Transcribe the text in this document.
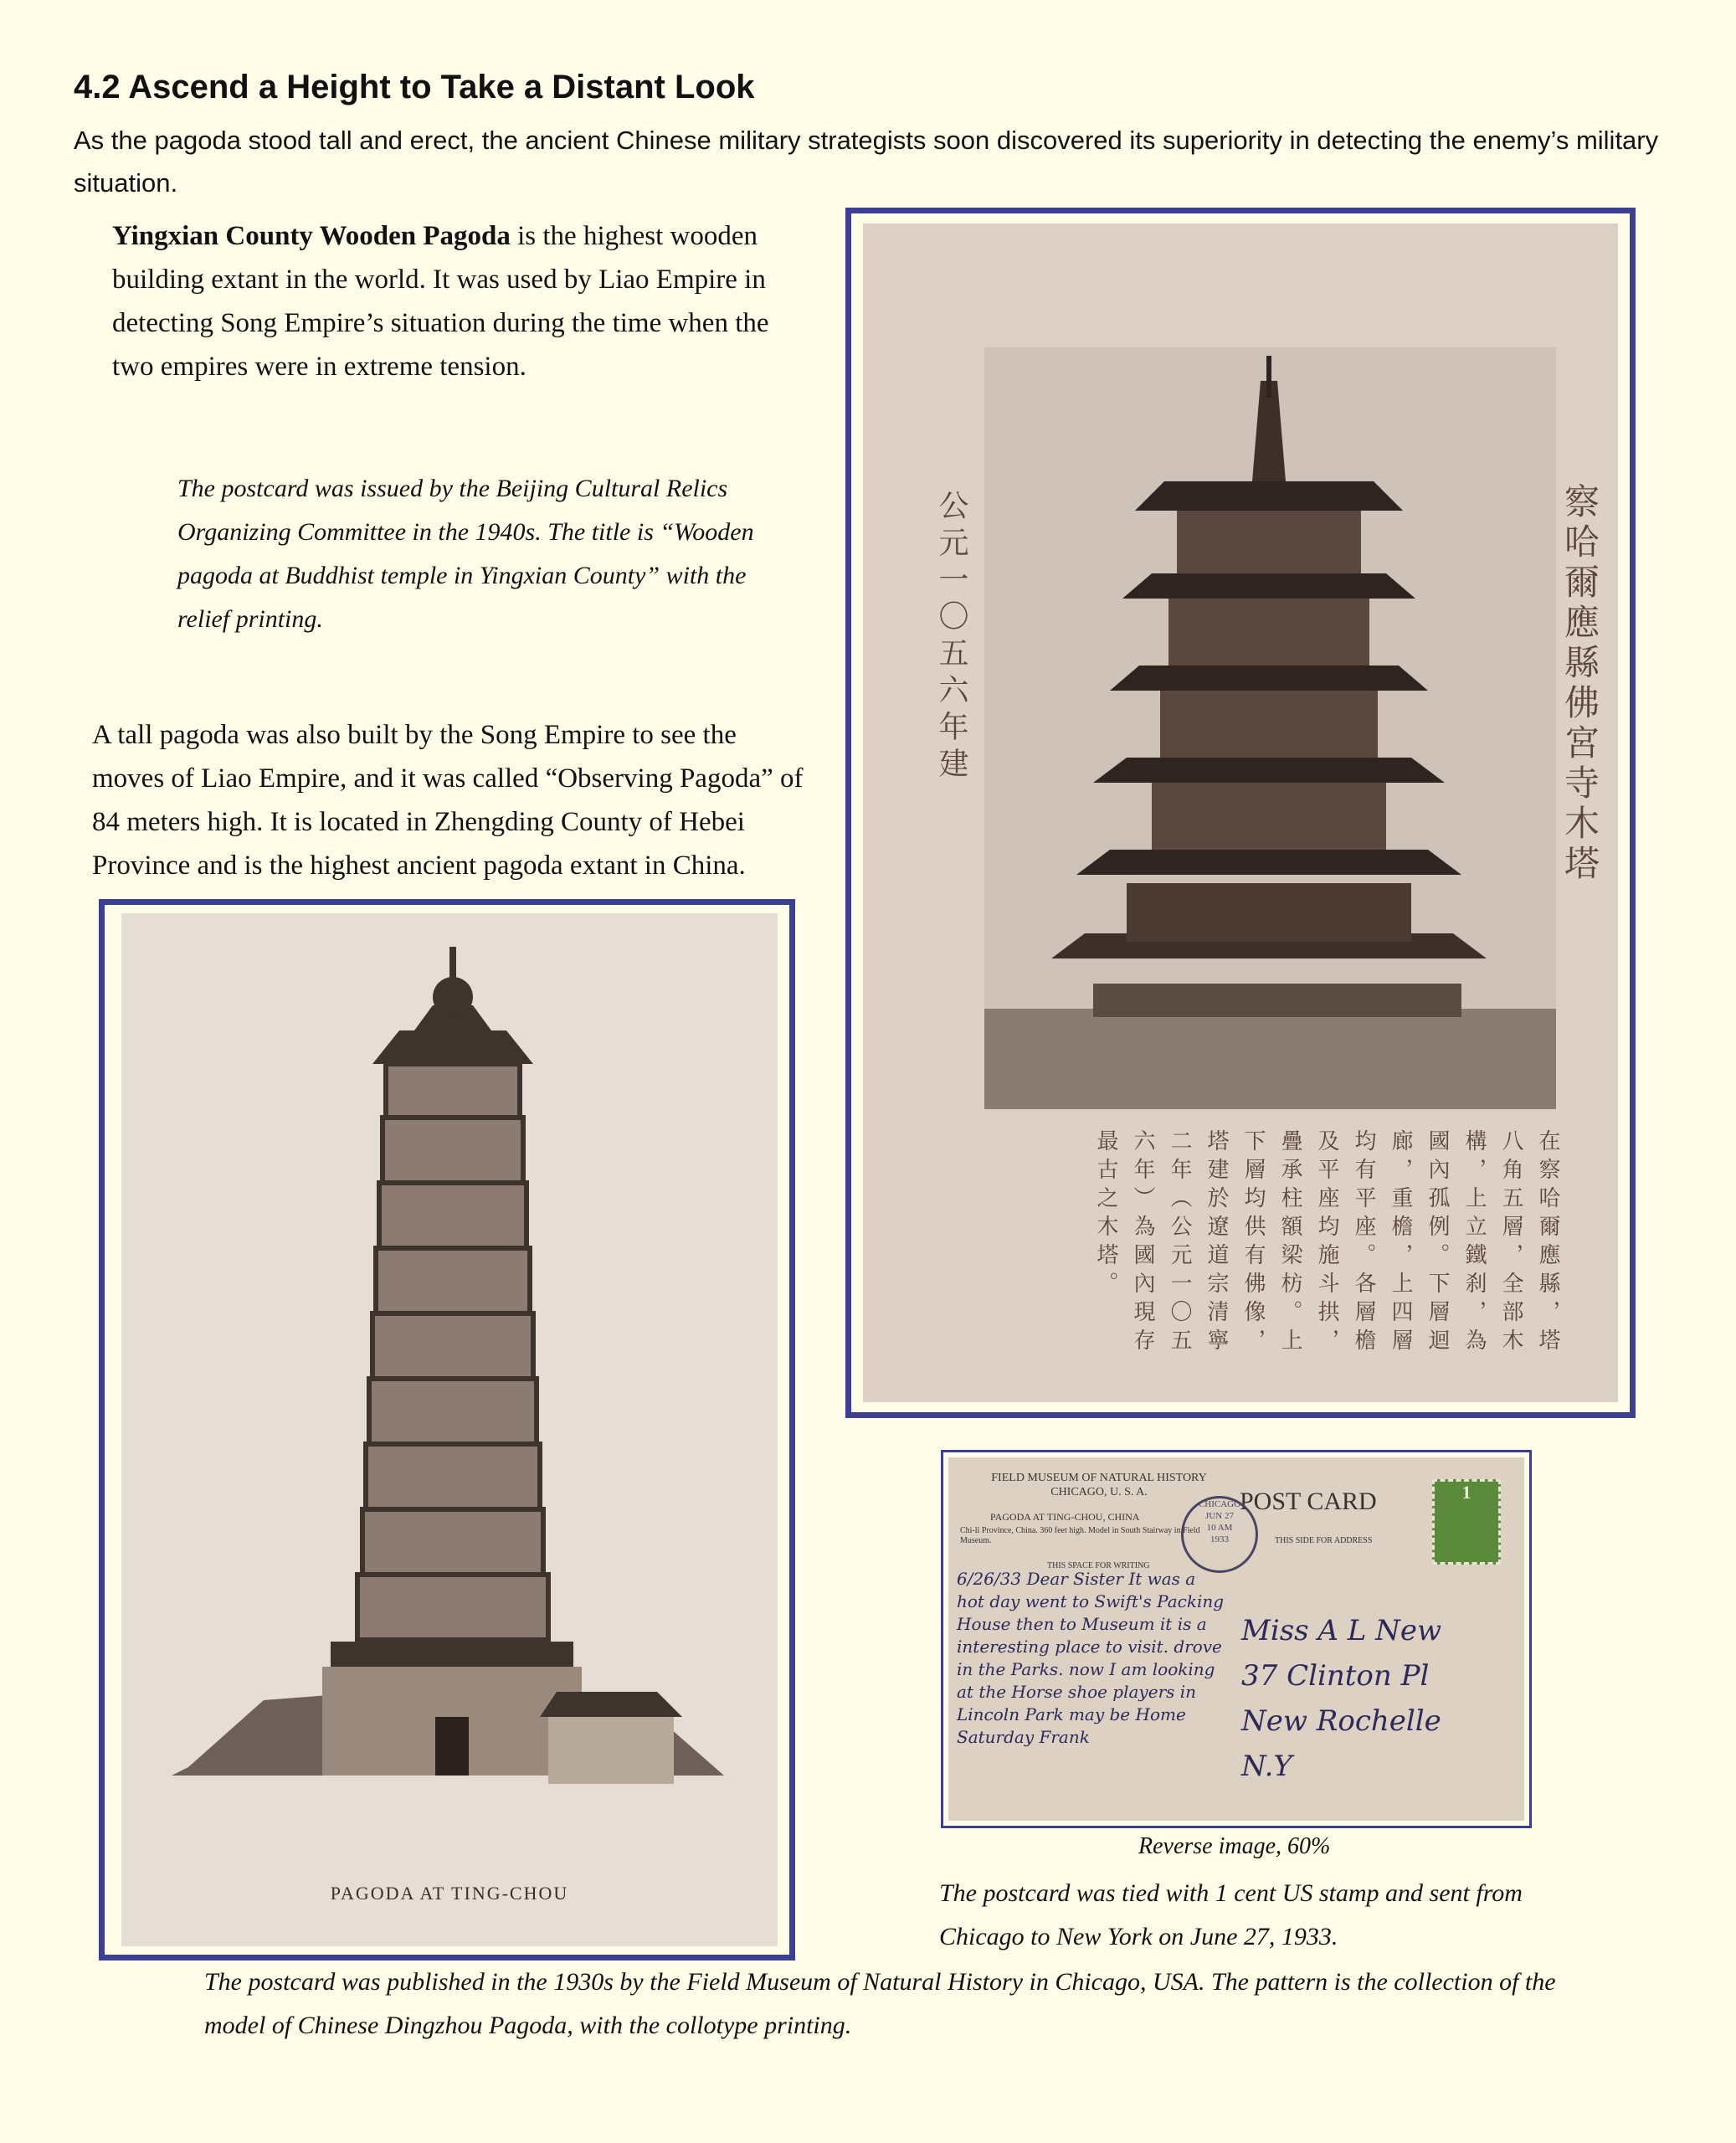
4.2 Ascend a Height to Take a Distant Look

As the pagoda stood tall and erect, the ancient Chinese military strategists soon discovered its superiority in detecting the enemy’s military situation.

Yingxian County Wooden Pagoda is the highest wooden building extant in the world. It was used by Liao Empire in detecting Song Empire’s situation during the time when the two empires were in extreme tension.

The postcard was issued by the Beijing Cultural Relics Organizing Committee in the 1940s. The title is “Wooden pagoda at Buddhist temple in Yingxian County” with the relief printing.

A tall pagoda was also built by the Song Empire to see the moves of Liao Empire, and it was called “Observing Pagoda” of 84 meters high. It is located in Zhengding County of Hebei Province and is the highest ancient pagoda extant in China.	察哈爾應縣佛宮寺木塔
公元一〇五六年建
在察哈爾應縣，塔八角五層，全部木構，上立鐵刹，為國內孤例。下層迴廊，重檐，上四層均有平座。各層檐及平座均施斗拱，疊承柱額梁枋。上下層均供有佛像，塔建於遼道宗清寧二年（公元一〇五六年）為國內現存最古之木塔。
PAGODA AT TING-CHOU

The postcard was published in the 1930s by the Field Museum of Natural History in Chicago, USA. The pattern is the collection of the model of Chinese Dingzhou Pagoda, with the collotype printing.

FIELD MUSEUM OF NATURAL HISTORY
CHICAGO, U. S. A.	POST CARD
PAGODA AT TING-CHOU, CHINA
Chi-li Province, China. 360 feet high. Model in South Stairway in Field Museum.
THIS SPACE FOR WRITING
THIS SIDE FOR ADDRESS
CHICAGO
JUN 27
10 AM
1933
1
6/26/33 Dear Sister It was a hot day went to Swift's Packing House then to Museum it is a interesting place to visit. drove in the Parks. now I am looking at the Horse shoe players in Lincoln Park may be Home Saturday Frank
Miss A L New
37 Clinton Pl
New Rochelle
N.Y
Reverse image, 60%

The postcard was tied with 1 cent US stamp and sent from Chicago to New York on June 27, 1933.
